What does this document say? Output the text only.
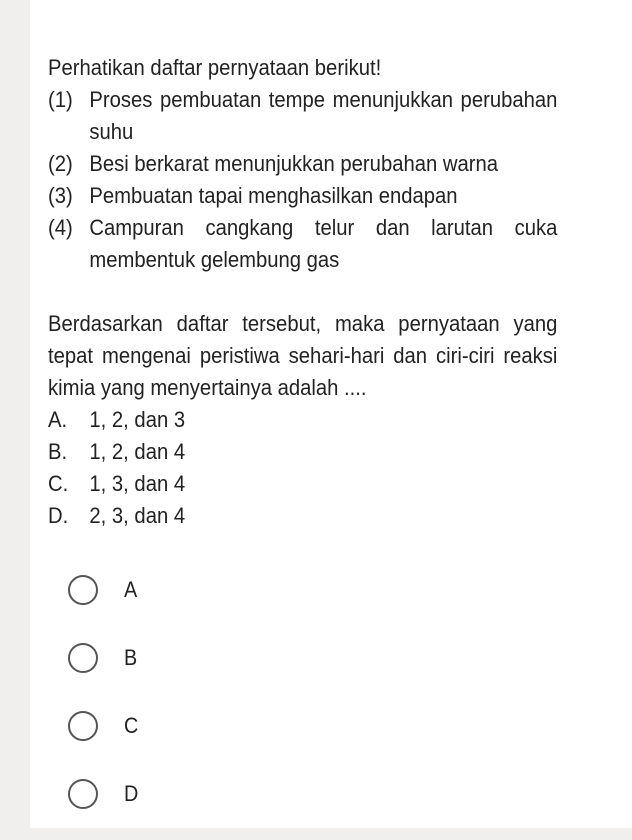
Perhatikan daftar pernyataan berikut!

(1) Proses pembuatan tempe menunjukkan perubahan suhu
(2) Besi berkarat menunjukkan perubahan warna
(3) Pembuatan tapai menghasilkan endapan
(4) Campuran cangkang telur dan larutan cuka membentuk gelembung gas

Berdasarkan daftar tersebut, maka pernyataan yang tepat mengenai peristiwa sehari-hari dan ciri-ciri reaksi kimia yang menyertainya adalah ....

A. 1, 2, dan 3
B. 1, 2, dan 4
C. 1, 3, dan 4
D. 2, 3, dan 4
A
B
C
D
